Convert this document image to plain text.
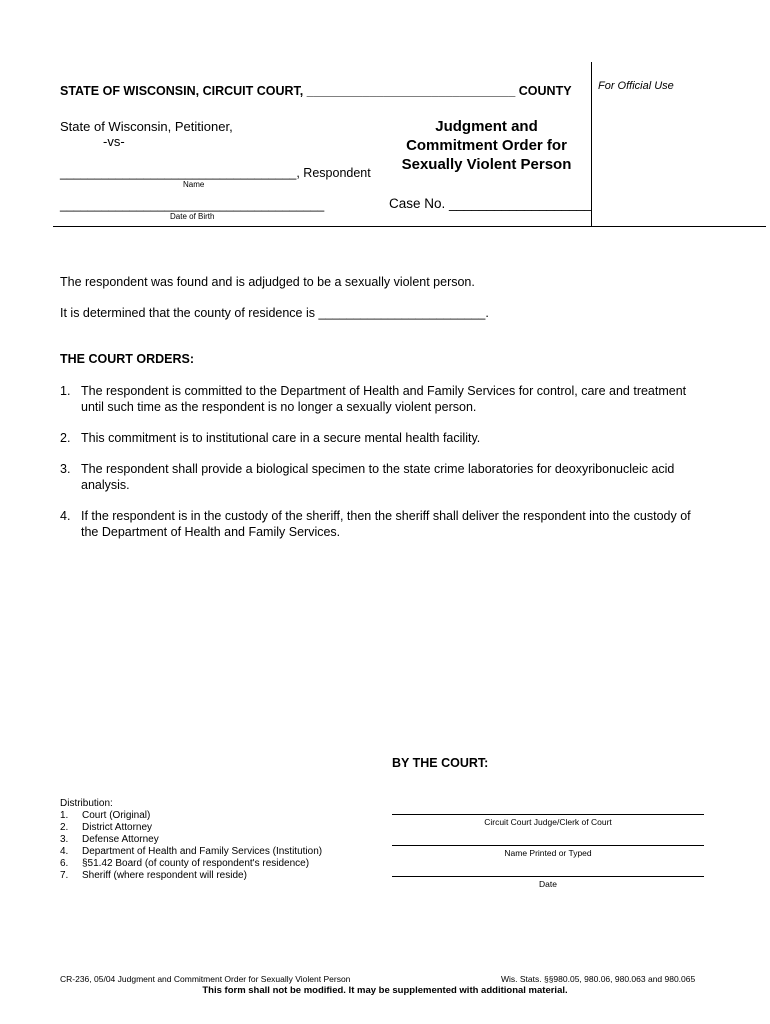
STATE OF WISCONSIN, CIRCUIT COURT, ______________________________ COUNTY For Official Use
State of Wisconsin, Petitioner,
-vs-
Judgment and
Commitment Order for
Sexually Violent Person
__________________________________, Respondent
Name
______________________________________
Date of Birth
Case No. ___________________
The respondent was found and is adjudged to be a sexually violent person.
It is determined that the county of residence is ________________________.
THE COURT ORDERS:
1. The respondent is committed to the Department of Health and Family Services for control, care and treatment until such time as the respondent is no longer a sexually violent person.
2. This commitment is to institutional care in a secure mental health facility.
3. The respondent shall provide a biological specimen to the state crime laboratories for deoxyribonucleic acid analysis.
4. If the respondent is in the custody of the sheriff, then the sheriff shall deliver the respondent into the custody of the Department of Health and Family Services.
BY THE COURT:
Distribution:
1.	Court (Original)
2.	District Attorney
3.	Defense Attorney
4.	Department of Health and Family Services (Institution)
6.	§51.42 Board (of county of respondent's residence)
7.	Sheriff (where respondent will reside)
Circuit Court Judge/Clerk of Court
Name Printed or Typed
Date
CR-236, 05/04 Judgment and Commitment Order for Sexually Violent Person	Wis. Stats. §§980.05, 980.06, 980.063 and 980.065
This form shall not be modified. It may be supplemented with additional material.
